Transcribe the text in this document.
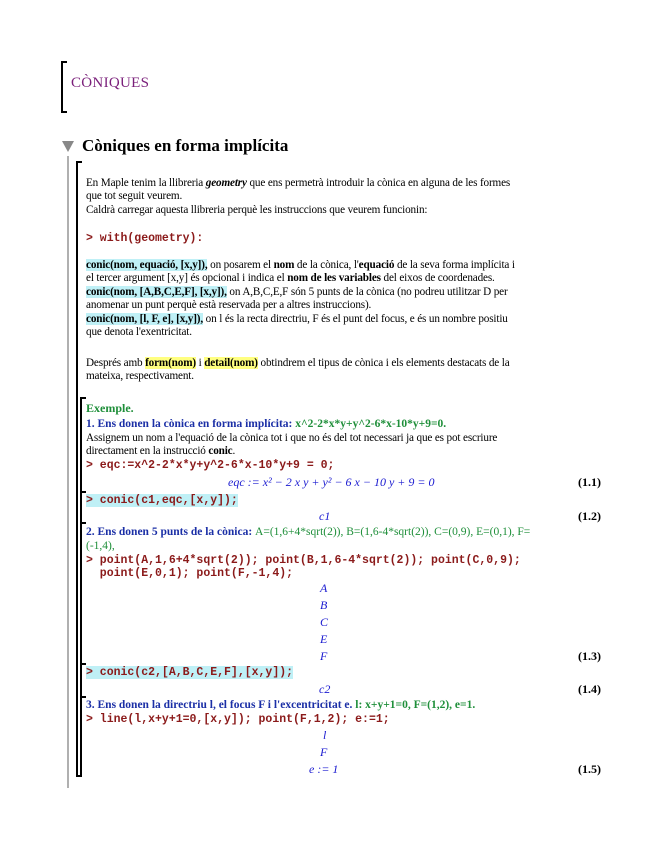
CÒNIQUES
Còniques en forma implícita
En Maple tenim la llibreria geometry que ens permetrà introduir la cònica en alguna de les formes
que tot seguit veurem.
Caldrà carregar aquesta llibreria perquè les instruccions que veurem funcionin:
> with(geometry):
conic(nom, equació, [x,y]), on posarem el nom de la cònica, l'equació de la seva forma implícita i
el tercer argument [x,y] és opcional i indica el nom de les variables del eixos de coordenades.
conic(nom, [A,B,C,E,F], [x,y]), on A,B,C,E,F són 5 punts de la cònica (no podreu utilitzar D per
anomenar un punt perquè està reservada per a altres instruccions).
conic(nom, [l, F, e], [x,y]), on l és la recta directriu, F és el punt del focus, e és un nombre positiu
que denota l'exentricitat.
Després amb form(nom) i detail(nom) obtindrem el tipus de cònica i els elements destacats de la
mateixa, respectivament.
Exemple.
1. Ens donen la cònica en forma implícita: x^2-2*x*y+y^2-6*x-10*y+9=0.
Assignem un nom a l'equació de la cònica tot i que no és del tot necessari ja que es pot escriure
directament en la instrucció conic.
> eqc:=x^2-2*x*y+y^2-6*x-10*y+9 = 0;
eqc := x² − 2 x y + y² − 6 x − 10 y + 9 = 0	(1.1)
> conic(c1,eqc,[x,y]);
c1	(1.2)
2. Ens donen 5 punts de la cònica: A=(1,6+4*sqrt(2)), B=(1,6-4*sqrt(2)), C=(0,9), E=(0,1), F=
(-1,4),
> point(A,1,6+4*sqrt(2)); point(B,1,6-4*sqrt(2)); point(C,0,9);
point(E,0,1); point(F,-1,4);
A
B
C
E
F	(1.3)
> conic(c2,[A,B,C,E,F],[x,y]);
c2	(1.4)
3. Ens donen la directriu l, el focus F i l'excentricitat e. l: x+y+1=0, F=(1,2), e=1.
> line(l,x+y+1=0,[x,y]); point(F,1,2); e:=1;
l
F
e := 1	(1.5)
